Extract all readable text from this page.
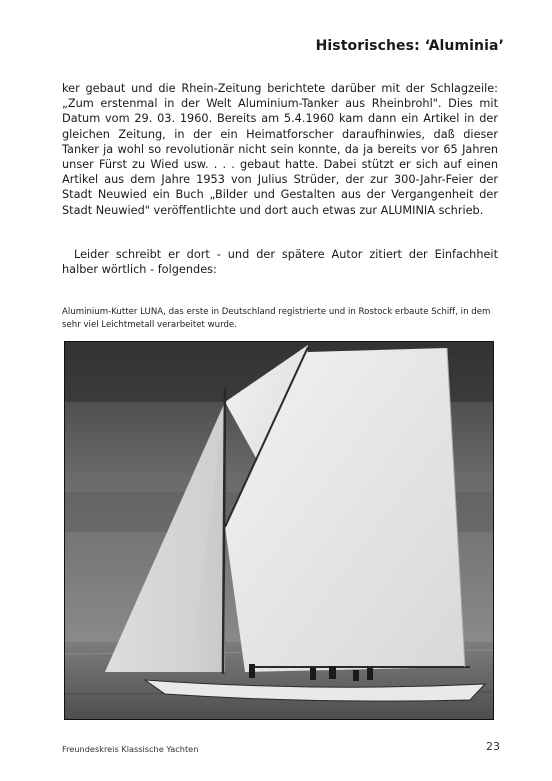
Historisches: ‘Aluminia’

ker gebaut und die Rhein-Zeitung berichtete darüber mit der Schlagzeile: „Zum erstenmal in der Welt Aluminium-Tanker aus Rheinbrohl". Dies mit Datum vom 29. 03. 1960. Bereits am 5.4.1960 kam dann ein Artikel in der gleichen Zeitung, in der ein Heimatforscher daraufhinwies, daß dieser Tanker ja wohl so revolutionär nicht sein konnte, da ja bereits vor 65 Jahren unser Fürst zu Wied usw. . . . gebaut hatte. Dabei stützt er sich auf einen Artikel aus dem Jahre 1953 von Julius Strüder, der zur 300-Jahr-Feier der Stadt Neuwied ein Buch „Bilder und Gestalten aus der Vergangenheit der Stadt Neuwied" veröffentlichte und dort auch etwas zur ALUMINIA schrieb.

Leider schreibt er dort - und der spätere Autor zitiert der Einfachheit halber wörtlich - folgendes:

Aluminium-Kutter LUNA, das erste in Deutschland registrierte und in Rostock erbaute Schiff, in dem sehr viel Leichtmetall verarbeitet wurde.

Freundeskreis Klassische Yachten	23
